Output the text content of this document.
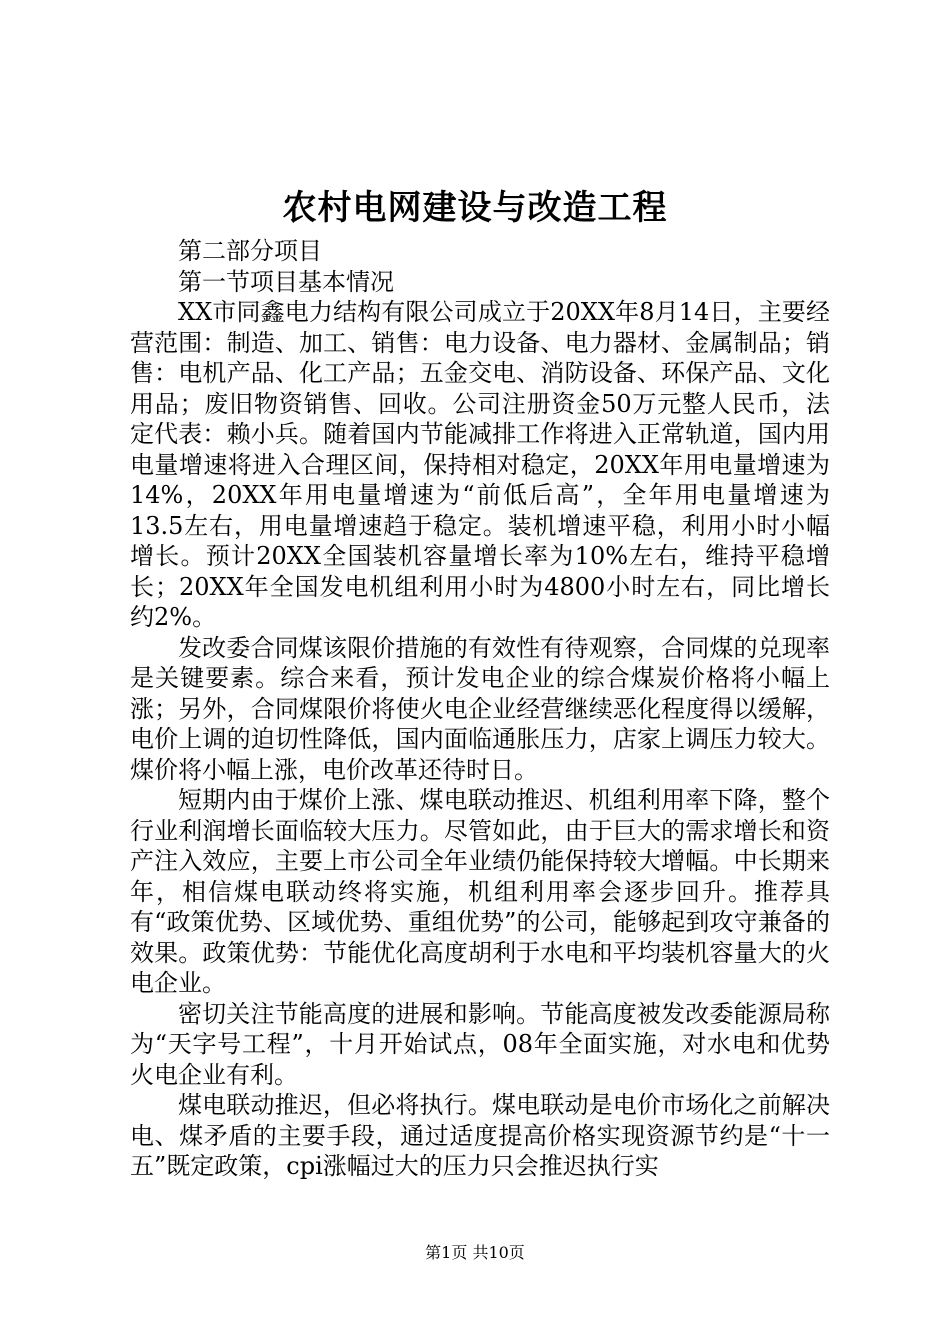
农村电网建设与改造工程

第二部分项目

第一节项目基本情况

XX市同鑫电力结构有限公司成立于20XX年8月14日，主要经营范围：制造、加工、销售：电力设备、电力器材、金属制品；销售：电机产品、化工产品；五金交电、消防设备、环保产品、文化用品；废旧物资销售、回收。公司注册资金50万元整人民币，法定代表：赖小兵。随着国内节能减排工作将进入正常轨道，国内用电量增速将进入合理区间，保持相对稳定，20XX年用电量增速为14%，20XX年用电量增速为“前低后高”，全年用电量增速为13.5左右，用电量增速趋于稳定。装机增速平稳，利用小时小幅增长。预计20XX全国装机容量增长率为10%左右，维持平稳增长；20XX年全国发电机组利用小时为4800小时左右，同比增长约2%。

发改委合同煤该限价措施的有效性有待观察，合同煤的兑现率是关键要素。综合来看，预计发电企业的综合煤炭价格将小幅上涨；另外，合同煤限价将使火电企业经营继续恶化程度得以缓解，电价上调的迫切性降低，国内面临通胀压力，店家上调压力较大。煤价将小幅上涨，电价改革还待时日。

短期内由于煤价上涨、煤电联动推迟、机组利用率下降，整个行业利润增长面临较大压力。尽管如此，由于巨大的需求增长和资产注入效应，主要上市公司全年业绩仍能保持较大增幅。中长期来年，相信煤电联动终将实施，机组利用率会逐步回升。推荐具有“政策优势、区域优势、重组优势”的公司，能够起到攻守兼备的效果。政策优势：节能优化高度胡利于水电和平均装机容量大的火电企业。

密切关注节能高度的进展和影响。节能高度被发改委能源局称为“天字号工程”，十月开始试点，08年全面实施，对水电和优势火电企业有利。

煤电联动推迟，但必将执行。煤电联动是电价市场化之前解决电、煤矛盾的主要手段，通过适度提高价格实现资源节约是“十一五”既定政策，cpi涨幅过大的压力只会推迟执行实

第1页 共10页
